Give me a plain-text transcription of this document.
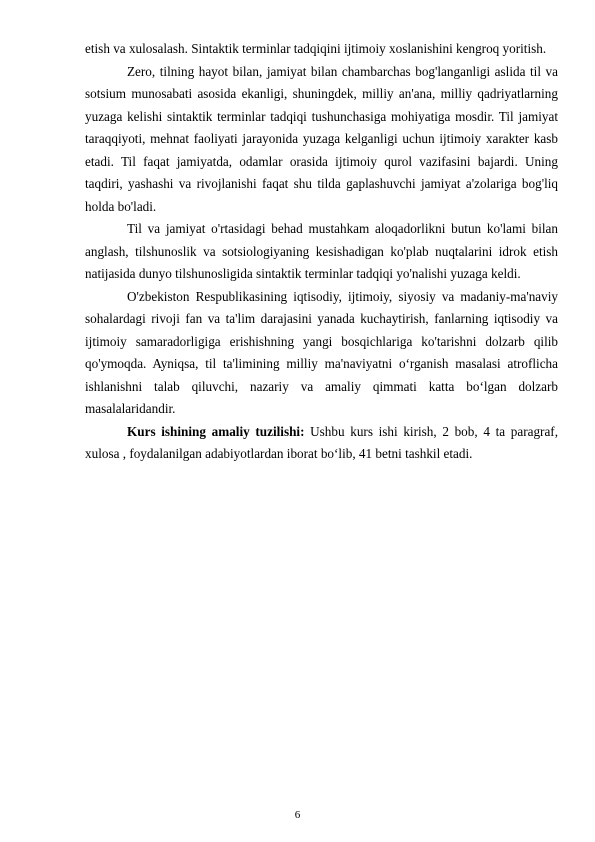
etish va xulosalash. Sintaktik terminlar tadqiqini ijtimoiy xoslanishini kengroq yoritish.

Zero, tilning hayot bilan, jamiyat bilan chambarchas bog'langanligi aslida til va sotsium munosabati asosida ekanligi, shuningdek, milliy an'ana, milliy qadriyatlarning yuzaga kelishi sintaktik terminlar tadqiqi tushunchasiga mohiyatiga mosdir. Til jamiyat taraqqiyoti, mehnat faoliyati jarayonida yuzaga kelganligi uchun ijtimoiy xarakter kasb etadi. Til faqat jamiyatda, odamlar orasida ijtimoiy qurol vazifasini bajardi. Uning taqdiri, yashashi va rivojlanishi faqat shu tilda gaplashuvchi jamiyat a'zolariga bog'liq holda bo'ladi.

Til va jamiyat o'rtasidagi behad mustahkam aloqadorlikni butun ko'lami bilan anglash, tilshunoslik va sotsiologiyaning kesishadigan ko'plab nuqtalarini idrok etish natijasida dunyo tilshunosligida sintaktik terminlar tadqiqi yo'nalishi yuzaga keldi.

O'zbekiston Respublikasining iqtisodiy, ijtimoiy, siyosiy va madaniy-ma'naviy sohalardagi rivoji fan va ta'lim darajasini yanada kuchaytirish, fanlarning iqtisodiy va ijtimoiy samaradorligiga erishishning yangi bosqichlariga ko'tarishni dolzarb qilib qo'ymoqda. Ayniqsa, til ta'limining milliy ma'naviyatni o‘rganish masalasi atroflicha ishlanishni talab qiluvchi, nazariy va amaliy qimmati katta bo‘lgan dolzarb masalalaridandir.

Kurs ishining amaliy tuzilishi: Ushbu kurs ishi kirish, 2 bob, 4 ta paragraf, xulosa , foydalanilgan adabiyotlardan iborat bo‘lib, 41 betni tashkil etadi.

6
